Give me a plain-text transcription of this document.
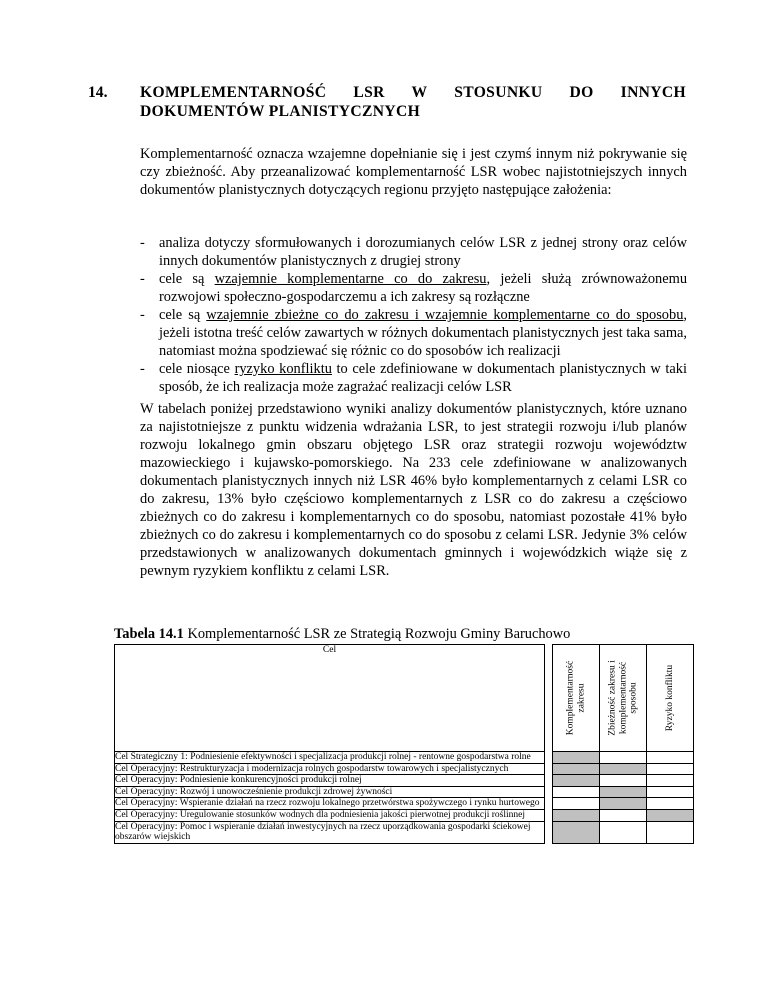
14. KOMPLEMENTARNOŚĆ LSR W STOSUNKU DO INNYCH DOKUMENTÓW PLANISTYCZNYCH

Komplementarność oznacza wzajemne dopełnianie się i jest czymś innym niż pokrywanie się czy zbieżność. Aby przeanalizować komplementarność LSR wobec najistotniejszych innych dokumentów planistycznych dotyczących regionu przyjęto następujące założenia:

- analiza dotyczy sformułowanych i dorozumianych celów LSR z jednej strony oraz celów innych dokumentów planistycznych z drugiej strony
- cele są wzajemnie komplementarne co do zakresu, jeżeli służą zrównoważonemu rozwojowi społeczno-gospodarczemu a ich zakresy są rozłączne
- cele są wzajemnie zbieżne co do zakresu i wzajemnie komplementarne co do sposobu, jeżeli istotna treść celów zawartych w różnych dokumentach planistycznych jest taka sama, natomiast można spodziewać się różnic co do sposobów ich realizacji
- cele niosące ryzyko konfliktu to cele zdefiniowane w dokumentach planistycznych w taki sposób, że ich realizacja może zagrażać realizacji celów LSR

W tabelach poniżej przedstawiono wyniki analizy dokumentów planistycznych, które uznano za najistotniejsze z punktu widzenia wdrażania LSR, to jest strategii rozwoju i/lub planów rozwoju lokalnego gmin obszaru objętego LSR oraz strategii rozwoju województw mazowieckiego i kujawsko-pomorskiego. Na 233 cele zdefiniowane w analizowanych dokumentach planistycznych innych niż LSR 46% było komplementarnych z celami LSR co do zakresu, 13% było częściowo komplementarnych z LSR co do zakresu a częściowo zbieżnych co do zakresu i komplementarnych co do sposobu, natomiast pozostałe 41% było zbieżnych co do zakresu i komplementarnych co do sposobu z celami LSR. Jedynie 3% celów przedstawionych w analizowanych dokumentach gminnych i wojewódzkich wiąże się z pewnym ryzykiem konfliktu z celami LSR.

Tabela 14.1 Komplementarność LSR ze Strategią Rozwoju Gminy Baruchowo
Cel		Komplementarność zakresu	Zbieżność zakresu i komplementarność sposobu	Ryzyko konfliktu

Cel Strategiczny 1: Podniesienie efektywności i specjalizacja produkcji rolnej - rentowne gospodarstwa rolne				
Cel Operacyjny: Restrukturyzacja i modernizacja rolnych gospodarstw towarowych i specjalistycznych				
Cel Operacyjny: Podniesienie konkurencyjności produkcji rolnej				
Cel Operacyjny: Rozwój i unowocześnienie produkcji zdrowej żywności				
Cel Operacyjny: Wspieranie działań na rzecz rozwoju lokalnego przetwórstwa spożywczego i rynku hurtowego				
Cel Operacyjny: Uregulowanie stosunków wodnych dla podniesienia jakości pierwotnej produkcji roślinnej				
Cel Operacyjny: Pomoc i wspieranie działań inwestycyjnych na rzecz uporządkowania gospodarki ściekowej obszarów wiejskich				
